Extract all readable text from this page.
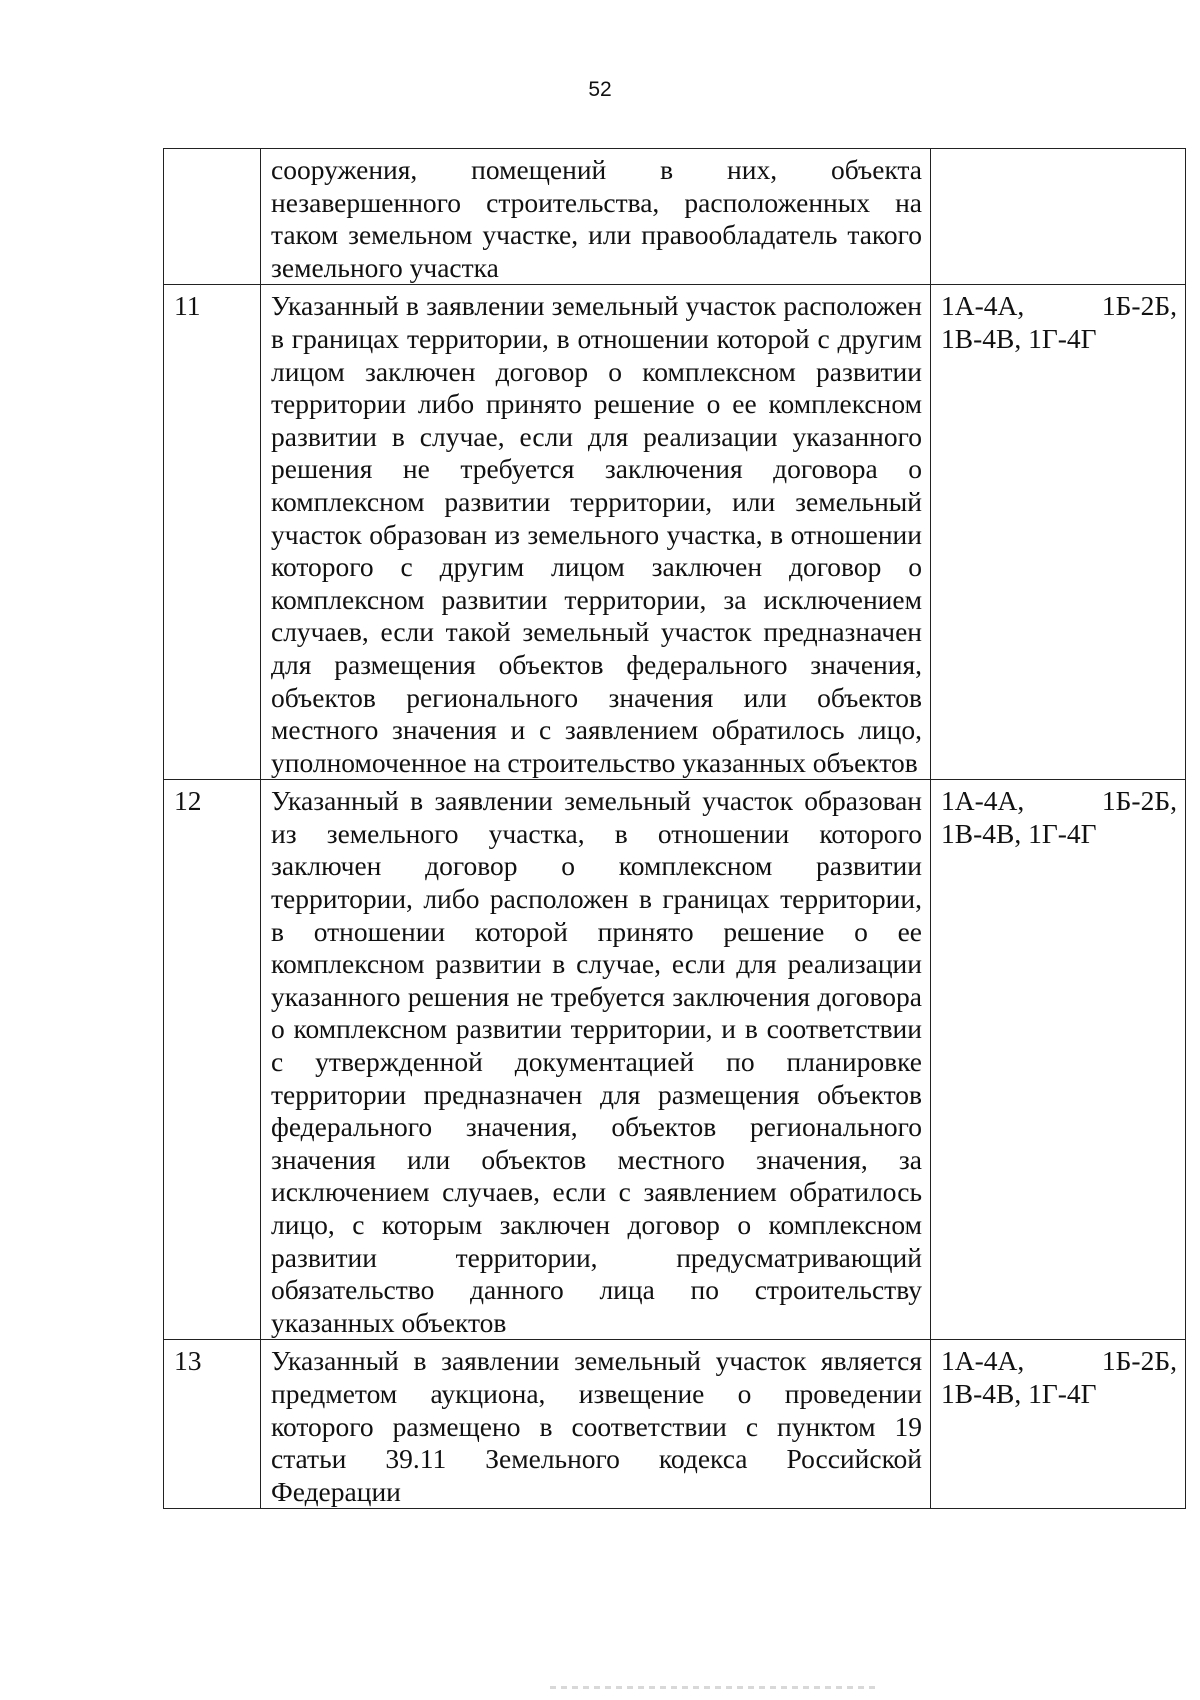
52
	сооружения, помещений в них, объекта незавершенного строительства, расположенных на таком земельном участке, или правообладатель такого земельного участка	
11	Указанный в заявлении земельный участок расположен в границах территории, в отношении которой с другим лицом заключен договор о комплексном развитии территории либо принято решение о ее комплексном развитии в случае, если для реализации указанного решения не требуется заключения договора о комплексном развитии территории, или земельный участок образован из земельного участка, в отношении которого с другим лицом заключен договор о комплексном развитии территории, за исключением случаев, если такой земельный участок предназначен для размещения объектов федерального значения, объектов регионального значения или объектов местного значения и с заявлением обратилось лицо, уполномоченное на строительство указанных объектов	1А-4А, 1Б-2Б, 1В-4В, 1Г-4Г
12	Указанный в заявлении земельный участок образован из земельного участка, в отношении которого заключен договор о комплексном развитии территории, либо расположен в границах территории, в отношении которой принято решение о ее комплексном развитии в случае, если для реализации указанного решения не требуется заключения договора о комплексном развитии территории, и в соответствии с утвержденной документацией по планировке территории предназначен для размещения объектов федерального значения, объектов регионального значения или объектов местного значения, за исключением случаев, если с заявлением обратилось лицо, с которым заключен договор о комплексном развитии территории, предусматривающий обязательство данного лица по строительству указанных объектов	1А-4А, 1Б-2Б, 1В-4В, 1Г-4Г
13	Указанный в заявлении земельный участок является предметом аукциона, извещение о проведении которого размещено в соответствии с пунктом 19 статьи 39.11 Земельного кодекса Российской Федерации	1А-4А, 1Б-2Б, 1В-4В, 1Г-4Г
